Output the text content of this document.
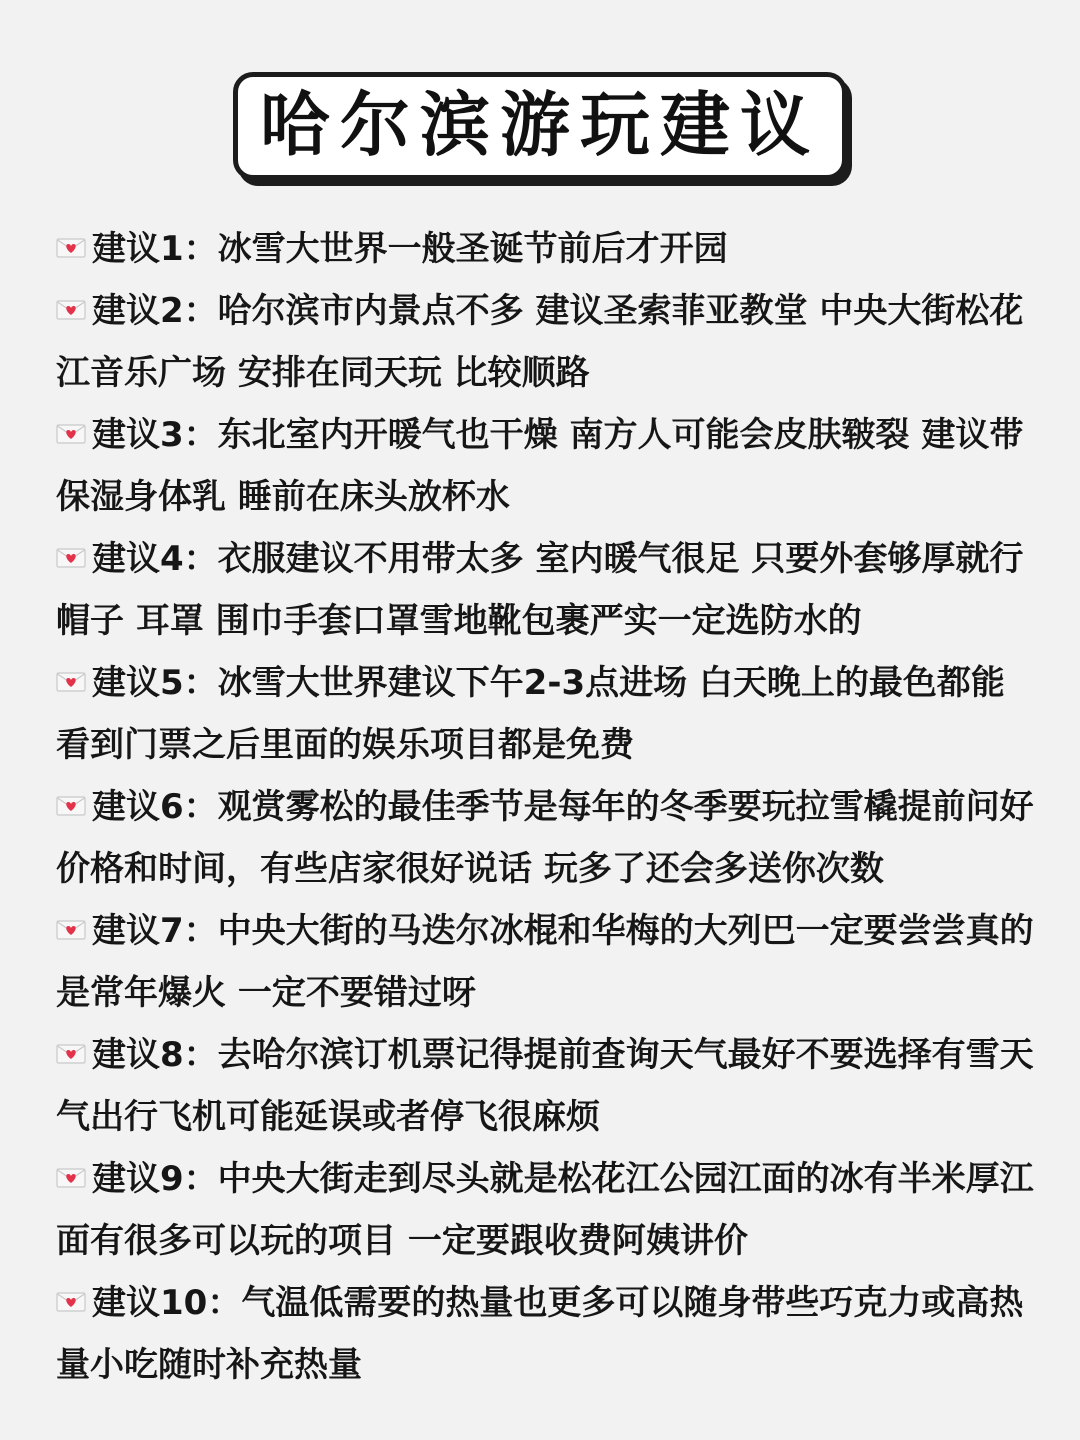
哈尔滨游玩建议

建议1：冰雪大世界一般圣诞节前后才开园

建议2：哈尔滨市内景点不多 建议圣索菲亚教堂 中央大街松花江音乐广场 安排在同天玩 比较顺路

建议3：东北室内开暖气也干燥 南方人可能会皮肤皲裂 建议带保湿身体乳 睡前在床头放杯水

建议4：衣服建议不用带太多 室内暖气很足 只要外套够厚就行帽子 耳罩 围巾手套口罩雪地靴包裹严实一定选防水的

建议5：冰雪大世界建议下午2-3点进场 白天晚上的最色都能看到门票之后里面的娱乐项目都是免费

建议6：观赏雾松的最佳季节是每年的冬季要玩拉雪橇提前问好价格和时间，有些店家很好说话 玩多了还会多送你次数

建议7：中央大街的马迭尔冰棍和华梅的大列巴一定要尝尝真的是常年爆火 一定不要错过呀

建议8：去哈尔滨订机票记得提前查询天气最好不要选择有雪天气出行飞机可能延误或者停飞很麻烦

建议9：中央大街走到尽头就是松花江公园江面的冰有半米厚江面有很多可以玩的项目 一定要跟收费阿姨讲价

建议10：气温低需要的热量也更多可以随身带些巧克力或高热量小吃随时补充热量
